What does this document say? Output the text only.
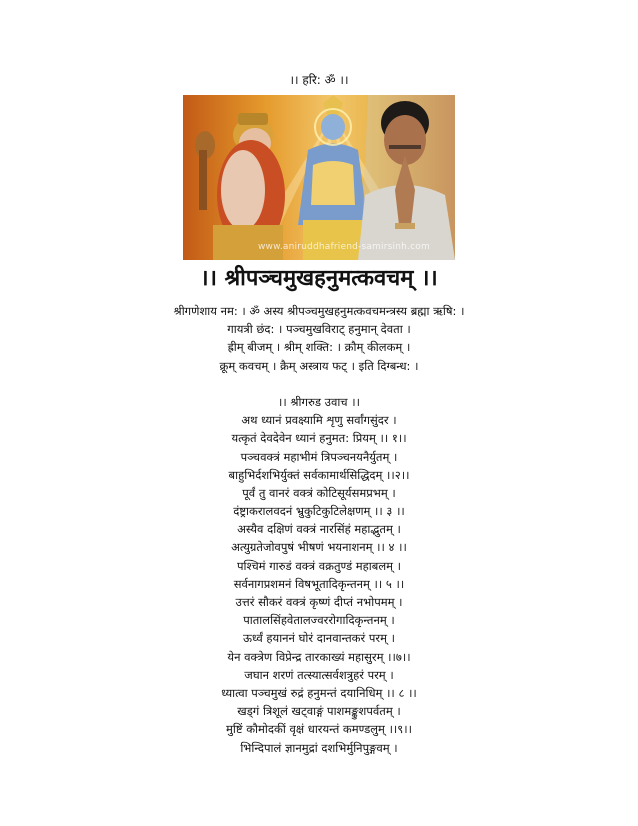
।। हरि: ॐ ।।
www.aniruddhafriend-samirsinh.com
।। श्रीपञ्चमुखहनुमत्कवचम् ।।
श्रीगणेशाय नम: । ॐ अस्य श्रीपञ्चमुखहनुमत्कवचमन्त्रस्य ब्रह्मा ऋषि: ।
गायत्री छंद: । पञ्चमुखविराट् हनुमान् देवता ।
ह्रीम् बीजम् । श्रीम् शक्ति: । क्रौम् कीलकम् ।
क्रूम् कवचम् । क्रैम् अस्त्राय फट् । इति दिग्बन्ध: ।
।। श्रीगरुड उवाच ।।
अथ ध्यानं प्रवक्ष्यामि शृणु सर्वांगसुंदर ।
यत्कृतं देवदेवेन ध्यानं हनुमत: प्रियम् ।। १।।
पञ्चवक्त्रं महाभीमं त्रिपञ्चनयनैर्युतम् ।
बाहुभिर्दशभिर्युक्तं सर्वकामार्थसिद्धिदम् ।।२।।
पूर्वं तु वानरं वक्त्रं कोटिसूर्यसमप्रभम् ।
दंष्ट्राकरालवदनं भ्रुकुटिकुटिलेक्षणम् ।। ३ ।।
अस्यैव दक्षिणं वक्त्रं नारसिंहं महाद्भुतम् ।
अत्युग्रतेजोवपुषं भीषणं भयनाशनम् ।। ४ ।।
पश्चिमं गारुडं वक्त्रं वक्रतुण्डं महाबलम् ।
सर्वनागप्रशमनं विषभूतादिकृन्तनम् ।। ५ ।।
उत्तरं सौकरं वक्त्रं कृष्णं दीप्तं नभोपमम् ।
पातालसिंहवेतालज्वररोगादिकृन्तनम् ।
ऊर्ध्वं हयाननं घोरं दानवान्तकरं परम् ।
येन वक्त्रेण विप्रेन्द्र तारकाख्यं महासुरम् ।।७।।
जघान शरणं तत्स्यात्सर्वशत्रुहरं परम् ।
ध्यात्वा पञ्चमुखं रुद्रं हनुमन्तं दयानिधिम् ।। ८ ।।
खड्गं त्रिशूलं खट्वाङ्गं पाशमङ्कुशपर्वतम् ।
मुष्टिं कौमोदकीं वृक्षं धारयन्तं कमण्डलुम् ।।९।।
भिन्दिपालं ज्ञानमुद्रां दशभिर्मुनिपुङ्गवम् ।
